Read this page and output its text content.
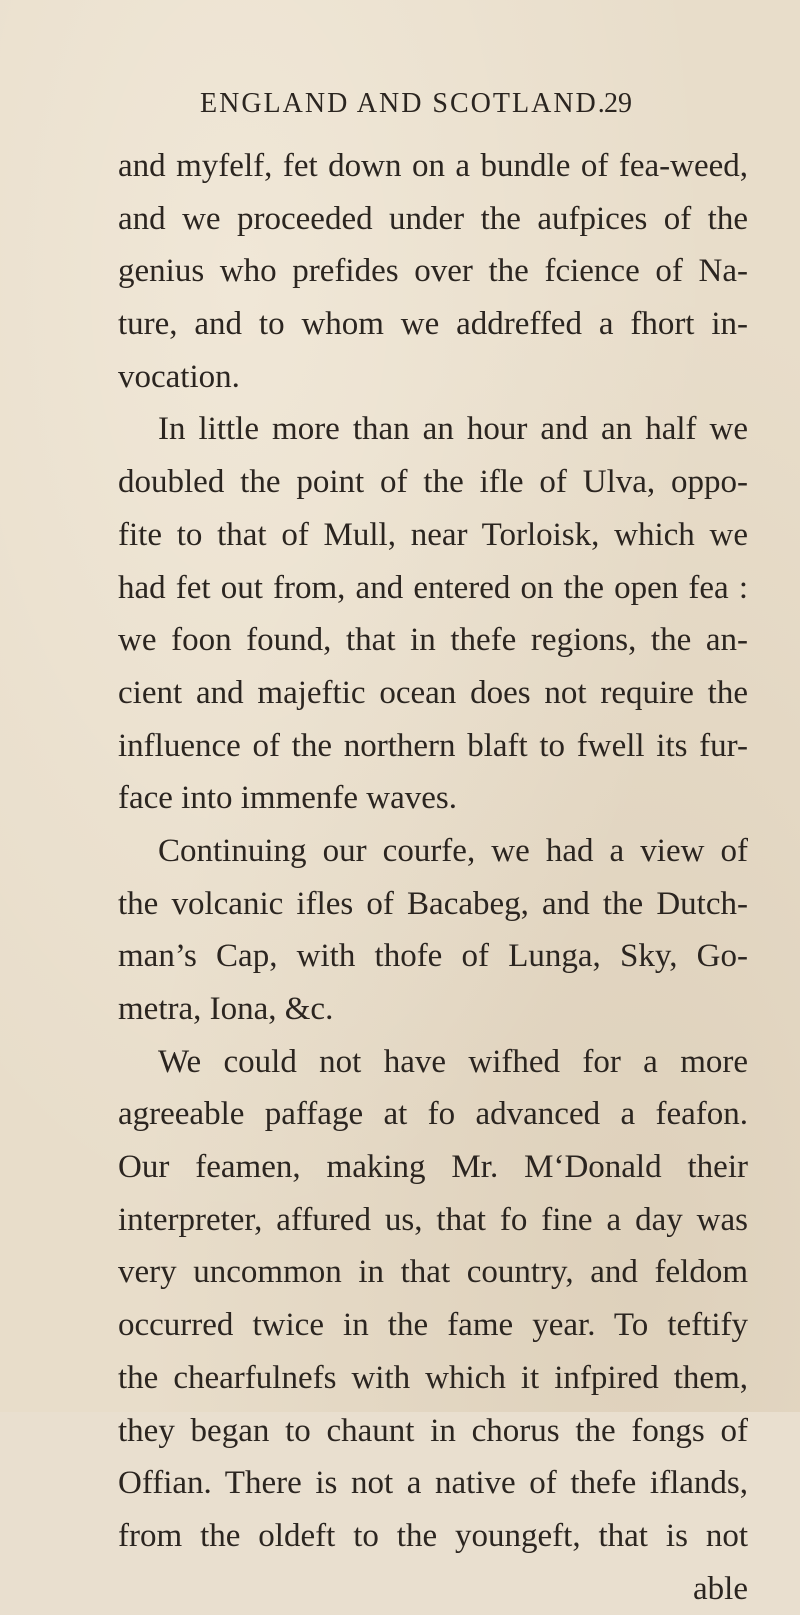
ENGLAND AND SCOTLAND.
29
and myfelf, fet down on a bundle of fea-weed,
and we proceeded under the aufpices of the
genius who prefides over the fcience of Na-
ture, and to whom we addreffed a fhort in-
vocation.
In little more than an hour and an half we
doubled the point of the ifle of Ulva, oppo-
fite to that of Mull, near Torloisk, which we
had fet out from, and entered on the open fea :
we foon found, that in thefe regions, the an-
cient and majeftic ocean does not require the
influence of the northern blaft to fwell its fur-
face into immenfe waves.
Continuing our courfe, we had a view of
the volcanic ifles of Bacabeg, and the Dutch-
man’s Cap, with thofe of Lunga, Sky, Go-
metra, Iona, &c.
We could not have wifhed for a more
agreeable paffage at fo advanced a feafon.
Our feamen, making Mr. M‘Donald their
interpreter, affured us, that fo fine a day was
very uncommon in that country, and feldom
occurred twice in the fame year. To teftify
the chearfulnefs with which it infpired them,
they began to chaunt in chorus the fongs of
Offian. There is not a native of thefe iflands,
from the oldeft to the youngeft, that is not
able
